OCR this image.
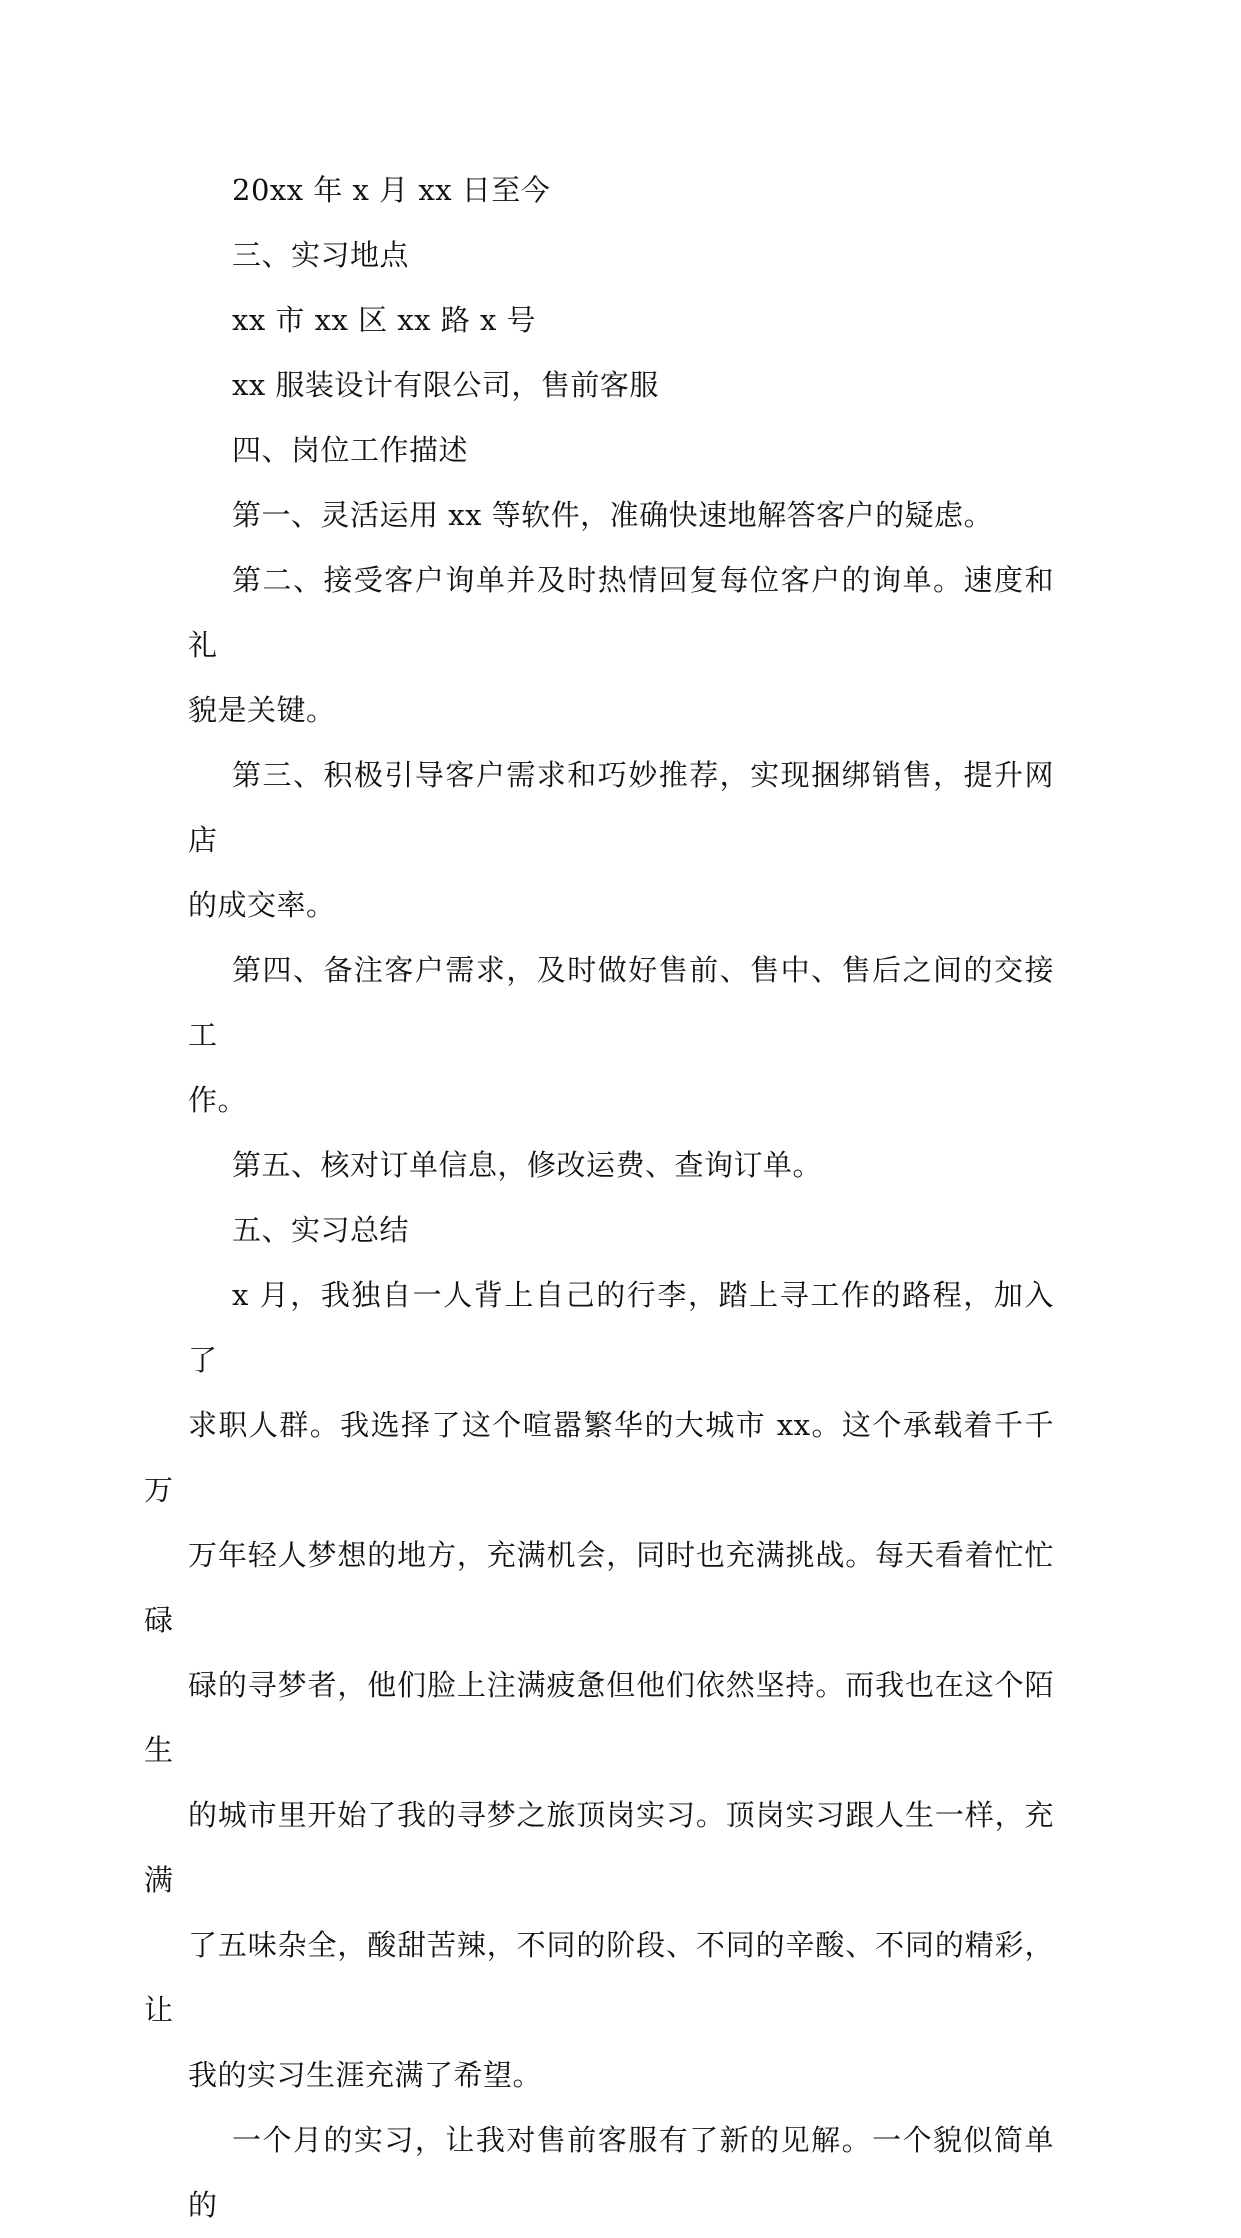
20xx 年 x 月 xx 日至今

三、实习地点

xx 市 xx 区 xx 路 x 号

xx 服装设计有限公司，售前客服

四、岗位工作描述

第一、灵活运用 xx 等软件，准确快速地解答客户的疑虑。

第二、接受客户询单并及时热情回复每位客户的询单。速度和礼
貌是关键。

第三、积极引导客户需求和巧妙推荐，实现捆绑销售，提升网店
的成交率。

第四、备注客户需求，及时做好售前、售中、售后之间的交接工
作。

第五、核对订单信息，修改运费、查询订单。

五、实习总结

x 月，我独自一人背上自己的行李，踏上寻工作的路程，加入了
求职人群。我选择了这个喧嚣繁华的大城市 xx。这个承载着千千万
万年轻人梦想的地方，充满机会，同时也充满挑战。每天看着忙忙碌
碌的寻梦者，他们脸上注满疲惫但他们依然坚持。而我也在这个陌生
的城市里开始了我的寻梦之旅顶岗实习。顶岗实习跟人生一样，充满
了五味杂全，酸甜苦辣，不同的阶段、不同的辛酸、不同的精彩，让
我的实习生涯充满了希望。

一个月的实习，让我对售前客服有了新的见解。一个貌似简单的
